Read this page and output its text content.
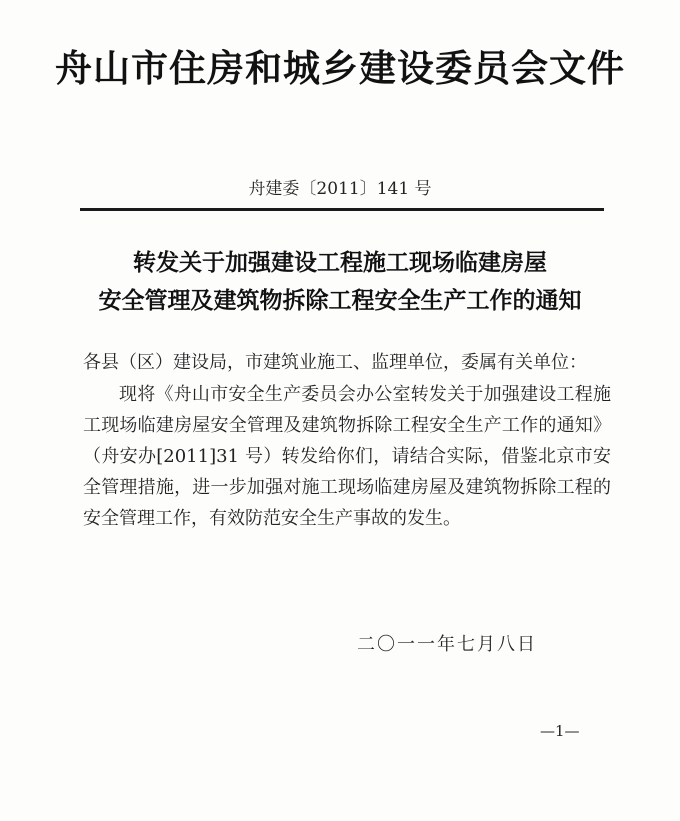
舟山市住房和城乡建设委员会文件
舟建委〔2011〕141 号
转发关于加强建设工程施工现场临建房屋
安全管理及建筑物拆除工程安全生产工作的通知
各县（区）建设局，市建筑业施工、监理单位，委属有关单位：
现将《舟山市安全生产委员会办公室转发关于加强建设工程施工现场临建房屋安全管理及建筑物拆除工程安全生产工作的通知》（舟安办[2011]31 号）转发给你们，请结合实际，借鉴北京市安全管理措施，进一步加强对施工现场临建房屋及建筑物拆除工程的安全管理工作，有效防范安全生产事故的发生。
二〇一一年七月八日
—1—
